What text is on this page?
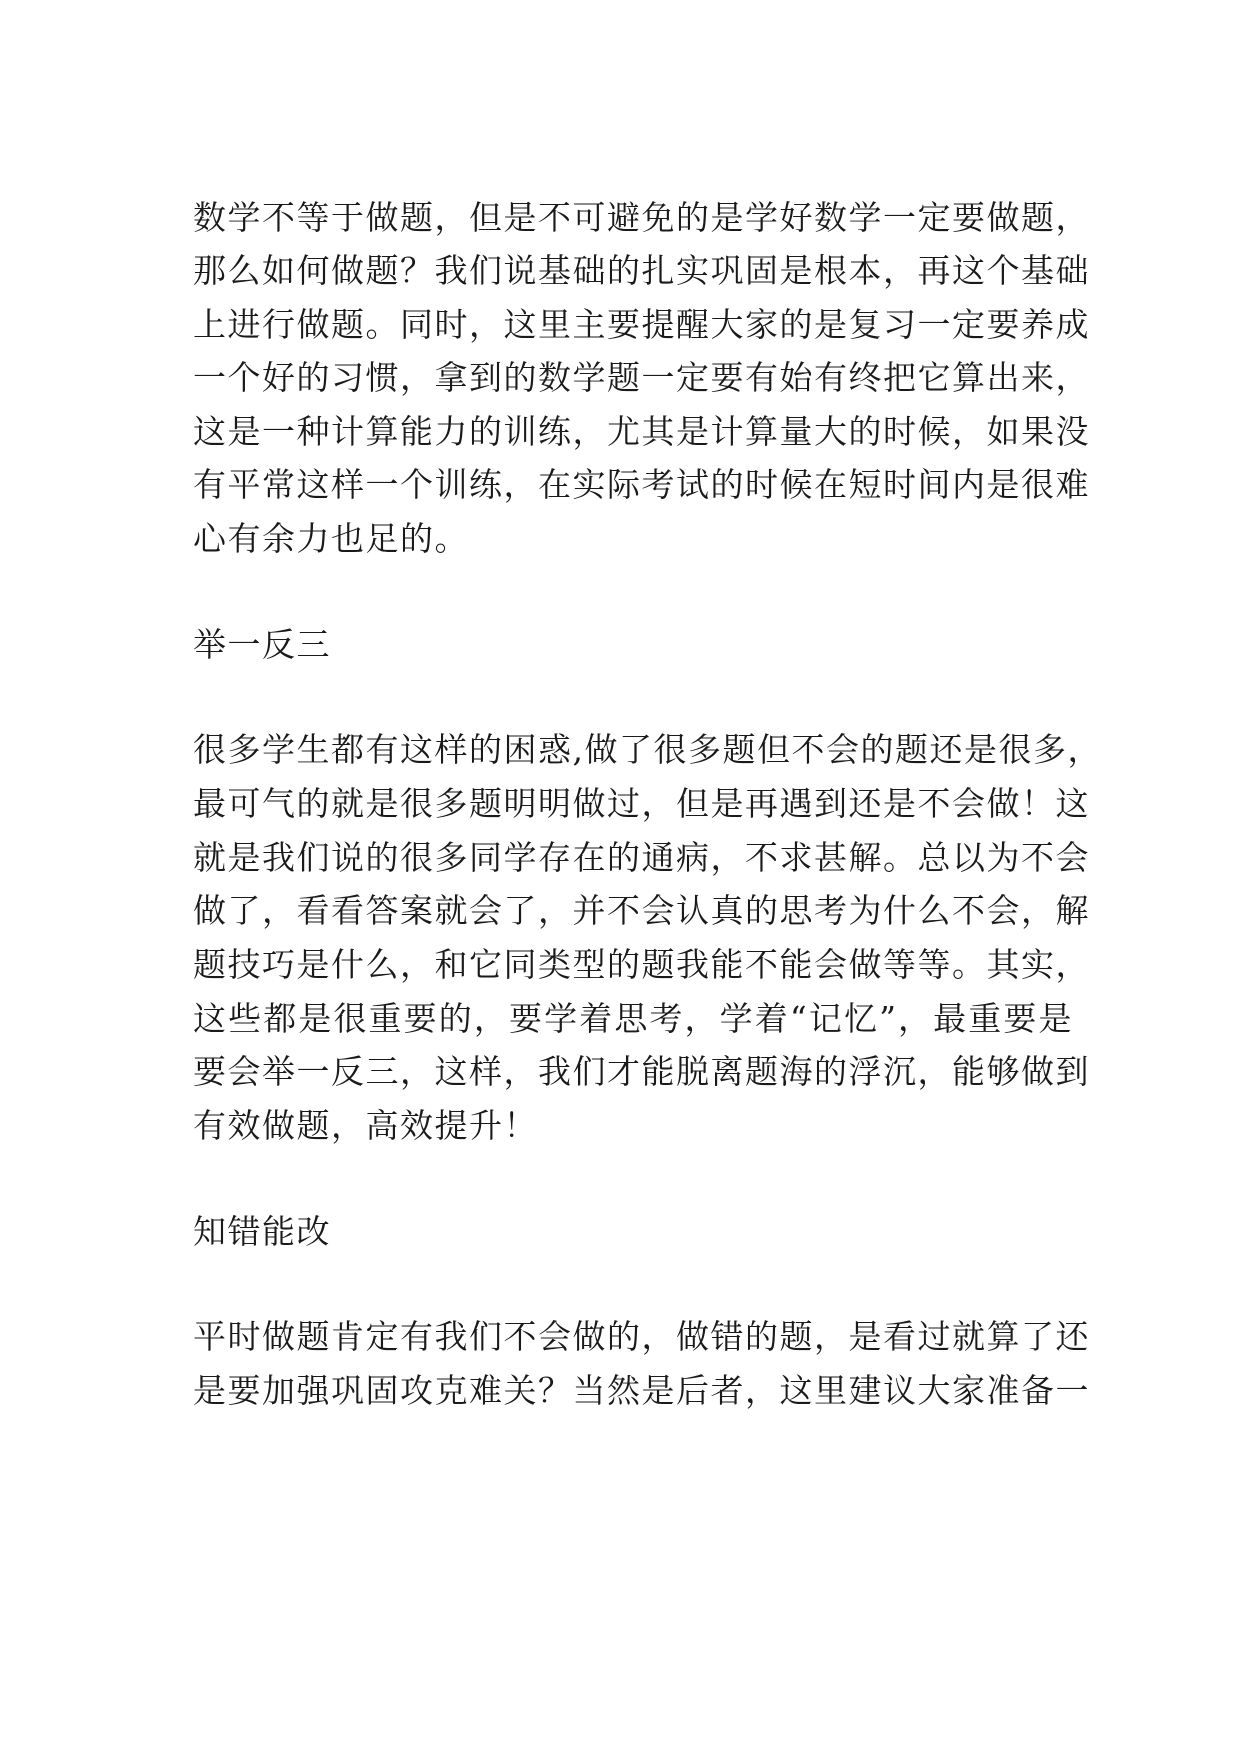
数学不等于做题，但是不可避免的是学好数学一定要做题，
那么如何做题？我们说基础的扎实巩固是根本，再这个基础
上进行做题。同时，这里主要提醒大家的是复习一定要养成
一个好的习惯，拿到的数学题一定要有始有终把它算出来，
这是一种计算能力的训练，尤其是计算量大的时候，如果没
有平常这样一个训练，在实际考试的时候在短时间内是很难
心有余力也足的。
举一反三
很多学生都有这样的困惑,做了很多题但不会的题还是很多，
最可气的就是很多题明明做过，但是再遇到还是不会做！这
就是我们说的很多同学存在的通病，不求甚解。总以为不会
做了，看看答案就会了，并不会认真的思考为什么不会，解
题技巧是什么，和它同类型的题我能不能会做等等。其实，
这些都是很重要的，要学着思考，学着“记忆”，最重要是
要会举一反三，这样，我们才能脱离题海的浮沉，能够做到
有效做题，高效提升！
知错能改
平时做题肯定有我们不会做的，做错的题，是看过就算了还
是要加强巩固攻克难关？当然是后者，这里建议大家准备一
